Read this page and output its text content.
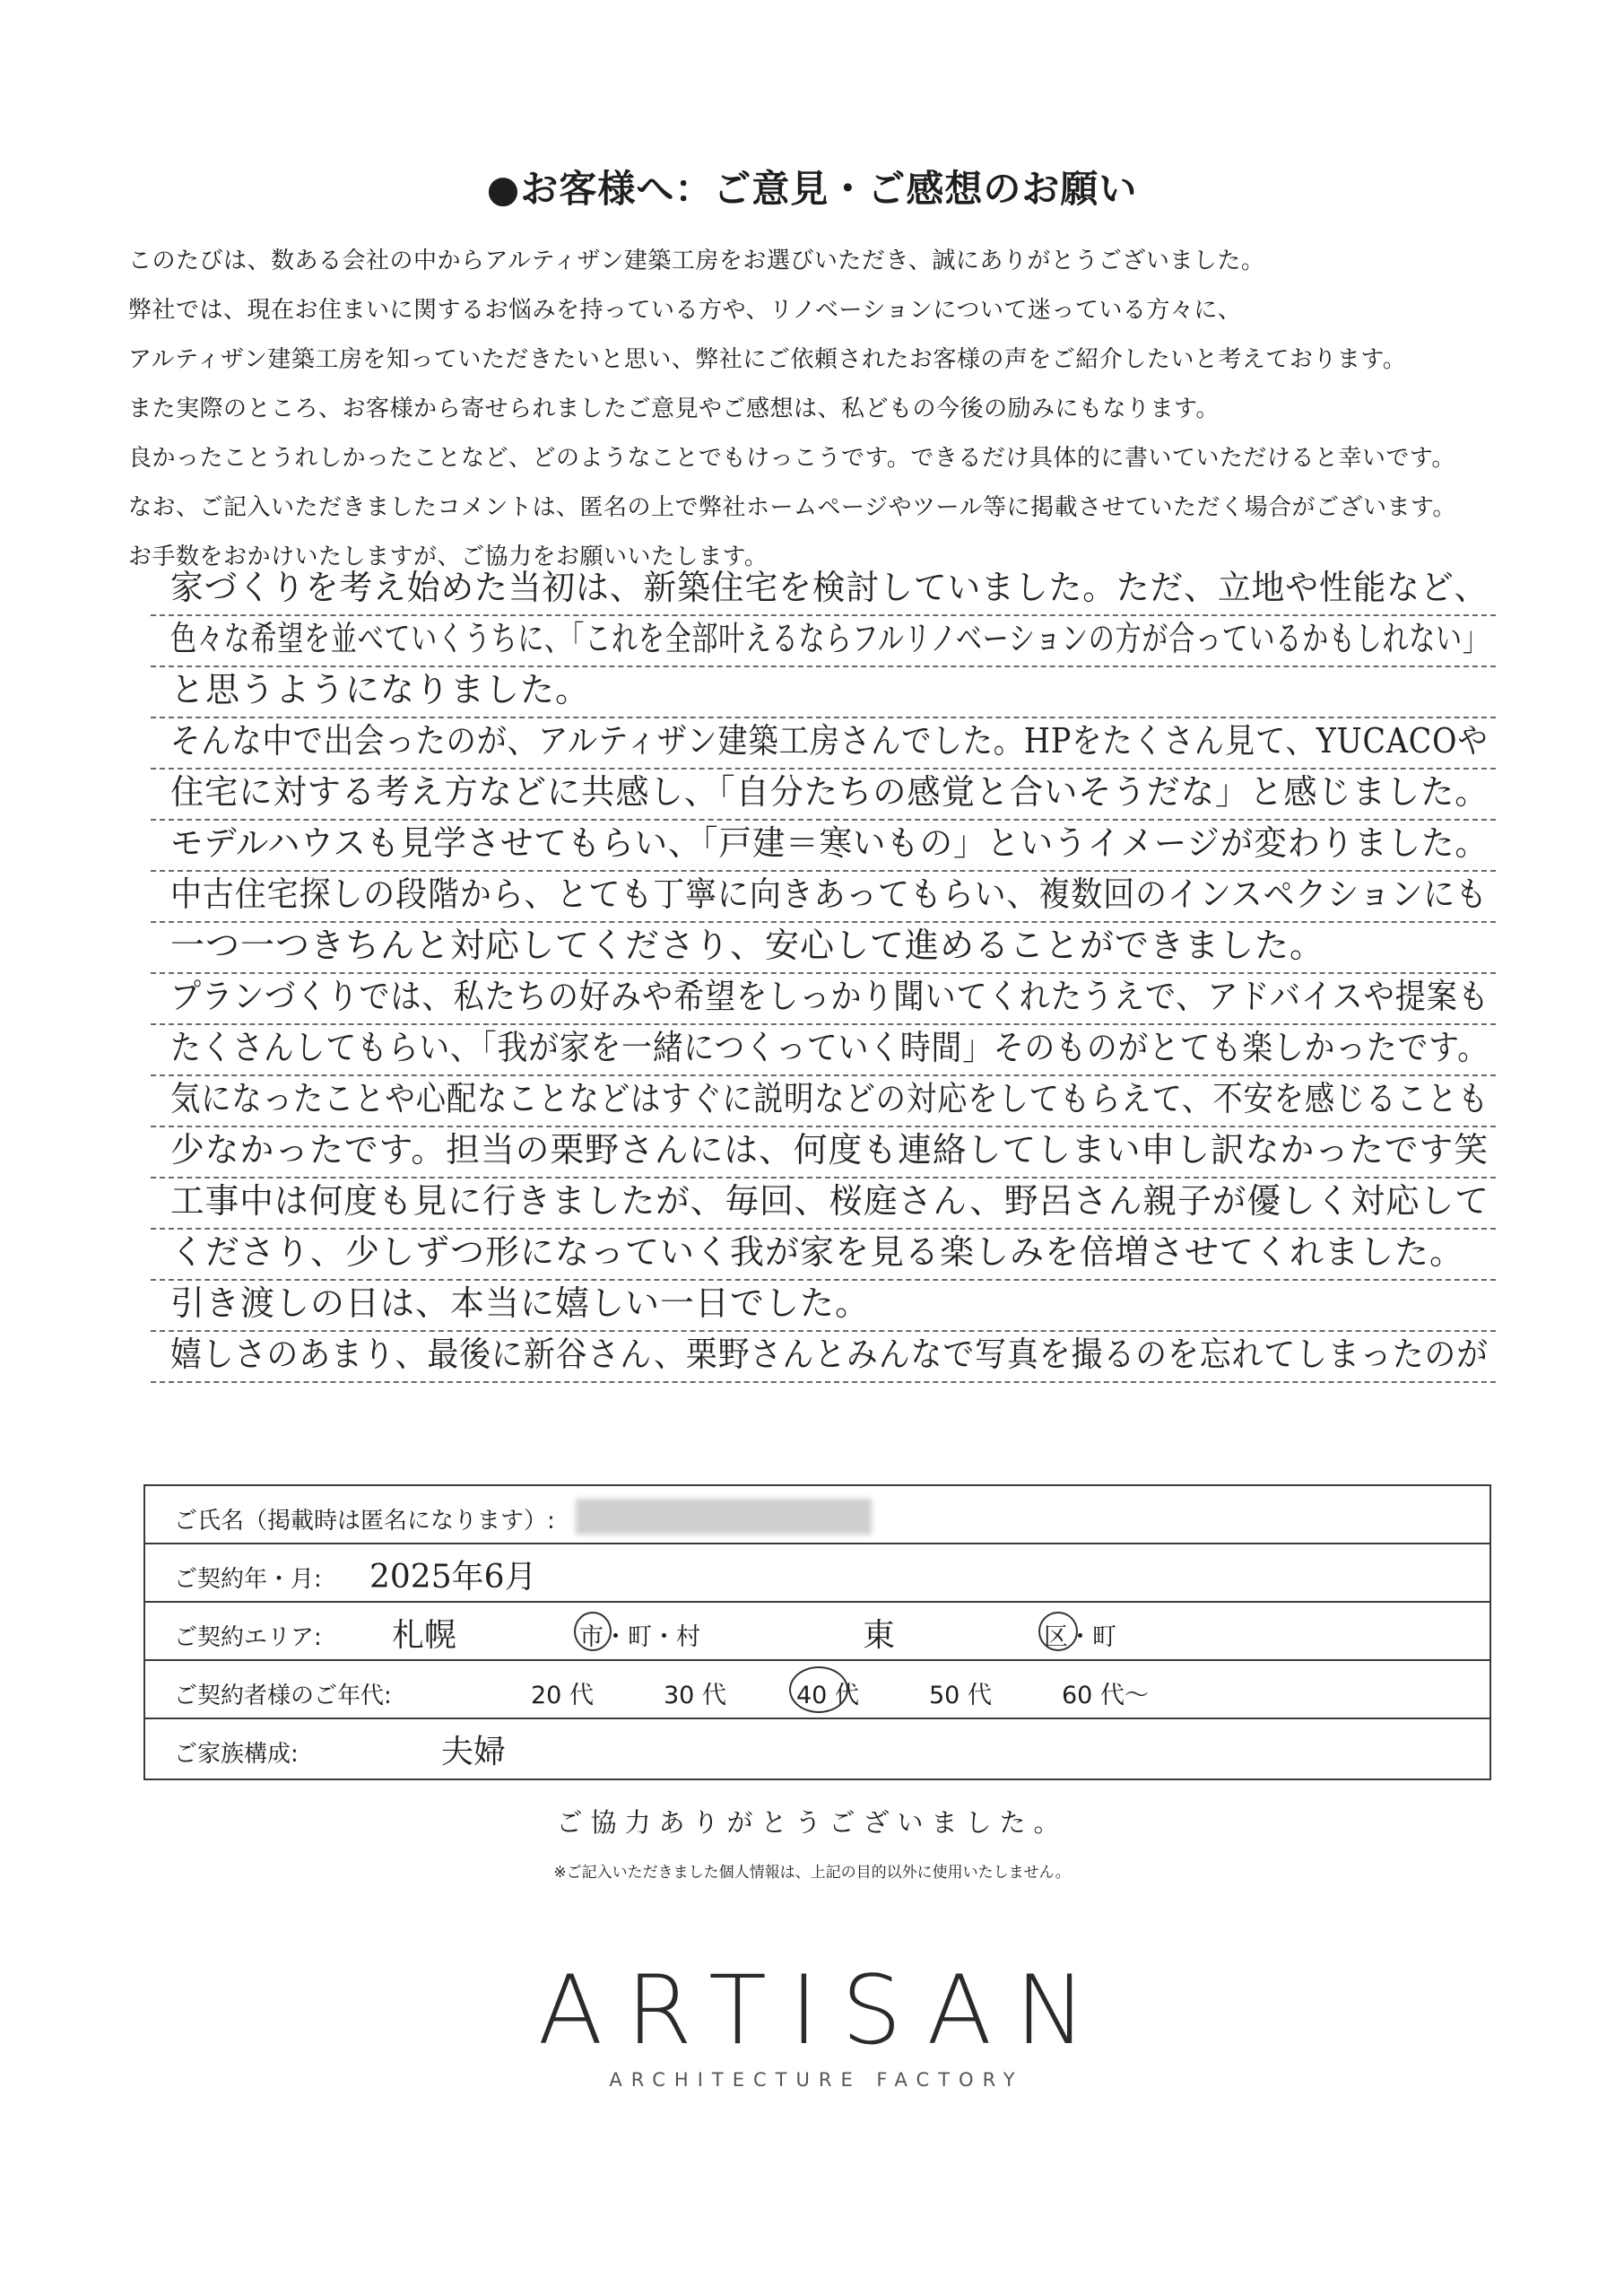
●お客様へ：ご意見・ご感想のお願い
このたびは、数ある会社の中からアルティザン建築工房をお選びいただき、誠にありがとうございました。
弊社では、現在お住まいに関するお悩みを持っている方や、リノベーションについて迷っている方々に、
アルティザン建築工房を知っていただきたいと思い、弊社にご依頼されたお客様の声をご紹介したいと考えております。
また実際のところ、お客様から寄せられましたご意見やご感想は、私どもの今後の励みにもなります。
良かったことうれしかったことなど、どのようなことでもけっこうです。できるだけ具体的に書いていただけると幸いです。
なお、ご記入いただきましたコメントは、匿名の上で弊社ホームページやツール等に掲載させていただく場合がございます。
お手数をおかけいたしますが、ご協力をお願いいたします。
家づくりを考え始めた当初は、新築住宅を検討していました。ただ、立地や性能など、
色々な希望を並べていくうちに、「これを全部叶えるならフルリノベーションの方が合っているかもしれない」
と思うようになりました。
そんな中で出会ったのが、アルティザン建築工房さんでした。HPをたくさん見て、YUCACOや
住宅に対する考え方などに共感し、「自分たちの感覚と合いそうだな」と感じました。
モデルハウスも見学させてもらい、「戸建＝寒いもの」というイメージが変わりました。
中古住宅探しの段階から、とても丁寧に向きあってもらい、複数回のインスペクションにも
一つ一つきちんと対応してくださり、安心して進めることができました。
プランづくりでは、私たちの好みや希望をしっかり聞いてくれたうえで、アドバイスや提案も
たくさんしてもらい、「我が家を一緒につくっていく時間」そのものがとても楽しかったです。
気になったことや心配なことなどはすぐに説明などの対応をしてもらえて、不安を感じることも
少なかったです。担当の栗野さんには、何度も連絡してしまい申し訳なかったです笑
工事中は何度も見に行きましたが、毎回、桜庭さん、野呂さん親子が優しく対応して
くださり、少しずつ形になっていく我が家を見る楽しみを倍増させてくれました。
引き渡しの日は、本当に嬉しい一日でした。
嬉しさのあまり、最後に新谷さん、栗野さんとみんなで写真を撮るのを忘れてしまったのが
ご氏名（掲載時は匿名になります）:
ご契約年・月: 2025年6月
ご契約エリア: 札幌	市・町・村	東	区・町
ご契約者様のご年代:	20 代	30 代	40 代	50 代	60 代～
ご家族構成:	夫婦
ご協力ありがとうございました。
※ご記入いただきました個人情報は、上記の目的以外に使用いたしません。
ARTISAN
ARCHITECTURE FACTORY
